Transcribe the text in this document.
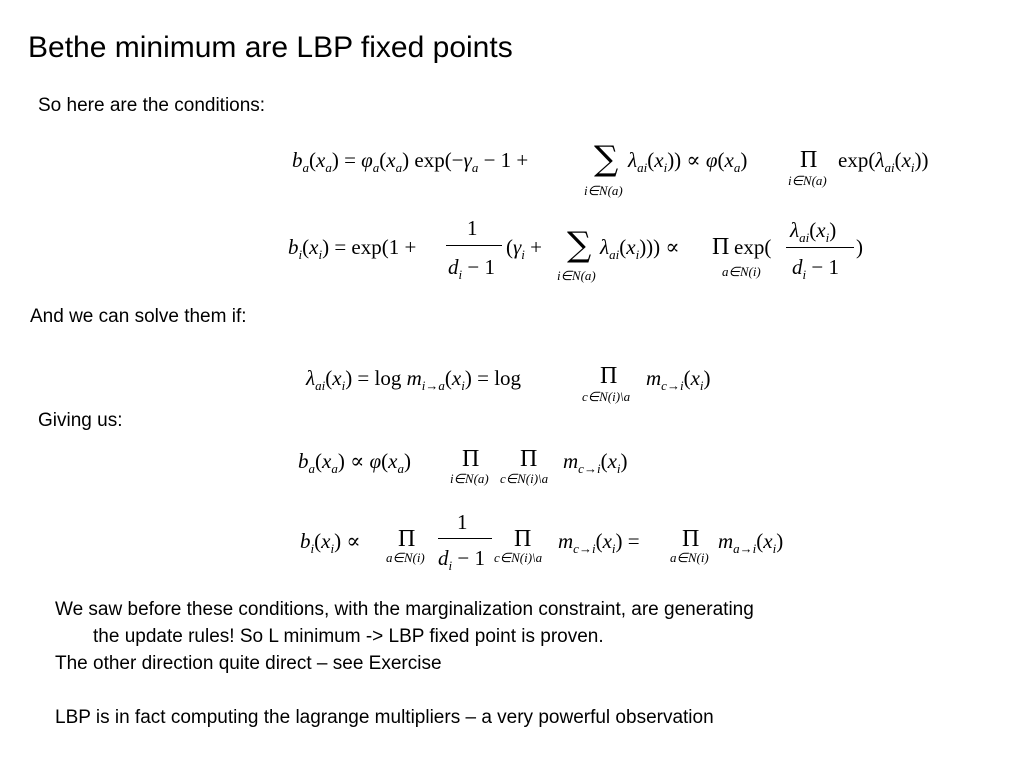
Bethe minimum are LBP fixed points
So here are the conditions:
$b_a(x_a) = \varphi_a(x_a) \exp(-\gamma_a - 1$ + ∑
i∈N(a)
$\lambda_{ai}(x_i)) \propto \varphi(x_a)$ Π
i∈N(a)
$\exp(\lambda_{ai}(x_i))$
$b_i(x_i) = \exp(1$ +
1
$d_i - 1$
($\gamma_i$ + ∑
i∈N(a)
$\lambda_{ai}(x_i))) \propto \Pi$
a∈N(i)
exp(
$\lambda_{ai}(x_i)$
$d_i - 1$
)
And we can solve them if:
$\lambda_{ai}(x_i) = \log m_{i\to a}(x_i) = \log$	Π
c∈N(i)\a
$m_{c\to i}(x_i)$
Giving us:
$b_a(x_a) \propto \varphi(x_a)$ Π
i∈N(a)
Π
c∈N(i)\a
$m_{c\to i}(x_i)$
$b_i(x_i) \propto \Pi$
a∈N(i)
1
$d_i - 1$
Π
c∈N(i)\a
$m_{c\to i}(x_i) = \Pi$
a∈N(i)
$m_{a\to i}(x_i)$
We saw before these conditions, with the marginalization constraint, are generating
the update rules! So L minimum -> LBP fixed point is proven.
The other direction quite direct – see Exercise
LBP is in fact computing the lagrange multipliers – a very powerful observation
